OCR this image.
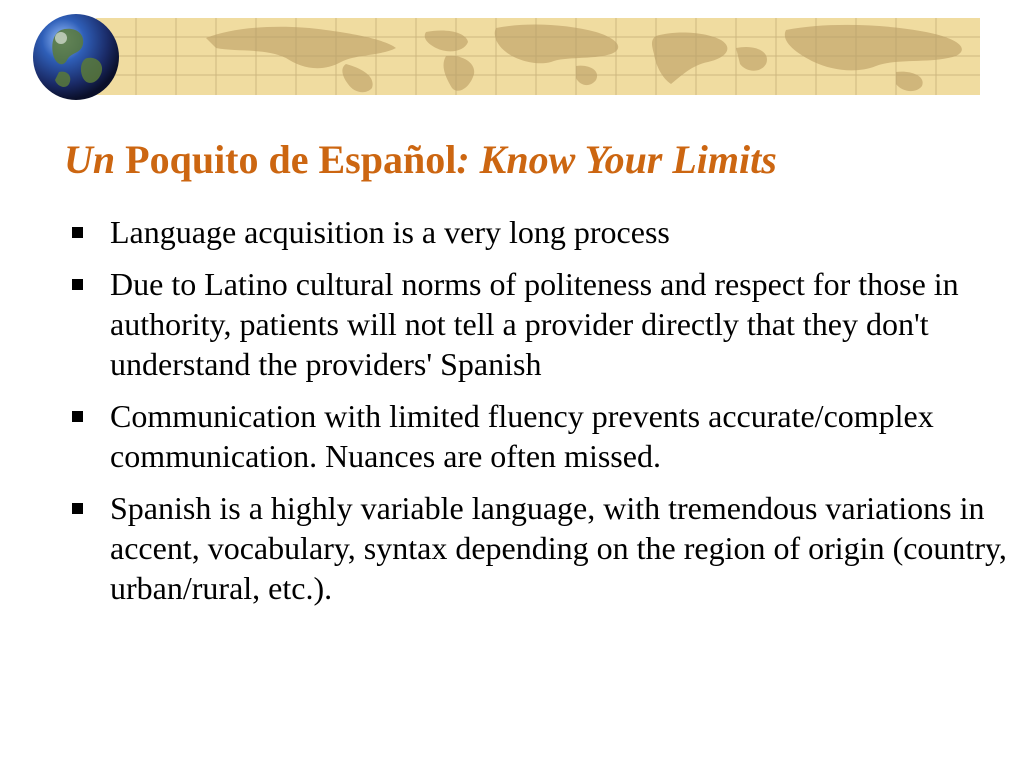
Un Poquito de Español: Know Your Limits
Language acquisition is a very long process
Due to Latino cultural norms of politeness and respect for those in authority, patients will not tell a provider directly that they don't understand the providers' Spanish
Communication with limited fluency prevents accurate/complex communication. Nuances are often missed.
Spanish is a highly variable language, with tremendous variations in accent, vocabulary, syntax depending on the region of origin (country, urban/rural, etc.).
